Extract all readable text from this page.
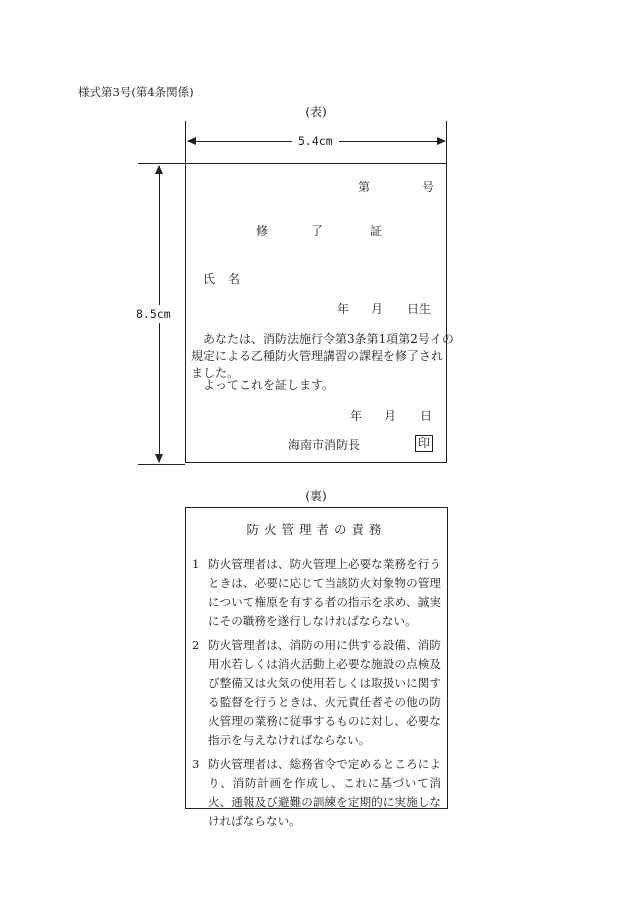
様式第3号(第4条関係)
(表)
5.4cm
8.5cm
第	号
修	了	証
氏 名
年 月 日生
あなたは、消防法施行令第3条第1項第2号イの
規定による乙種防火管理講習の課程を修了され
ました。
よってこれを証します。
年 月 日
海南市消防長	印
(裏)
防火管理者の責務
1 防火管理者は、防火管理上必要な業務を行うときは、必要に応じて当該防火対象物の管理について権原を有する者の指示を求め、誠実にその職務を遂行しなければならない。
2 防火管理者は、消防の用に供する設備、消防用水若しくは消火活動上必要な施設の点検及び整備又は火気の使用若しくは取扱いに関する監督を行うときは、火元責任者その他の防火管理の業務に従事するものに対し、必要な指示を与えなければならない。
3 防火管理者は、総務省令で定めるところにより、消防計画を作成し、これに基づいて消火、通報及び避難の訓練を定期的に実施しなければならない。
